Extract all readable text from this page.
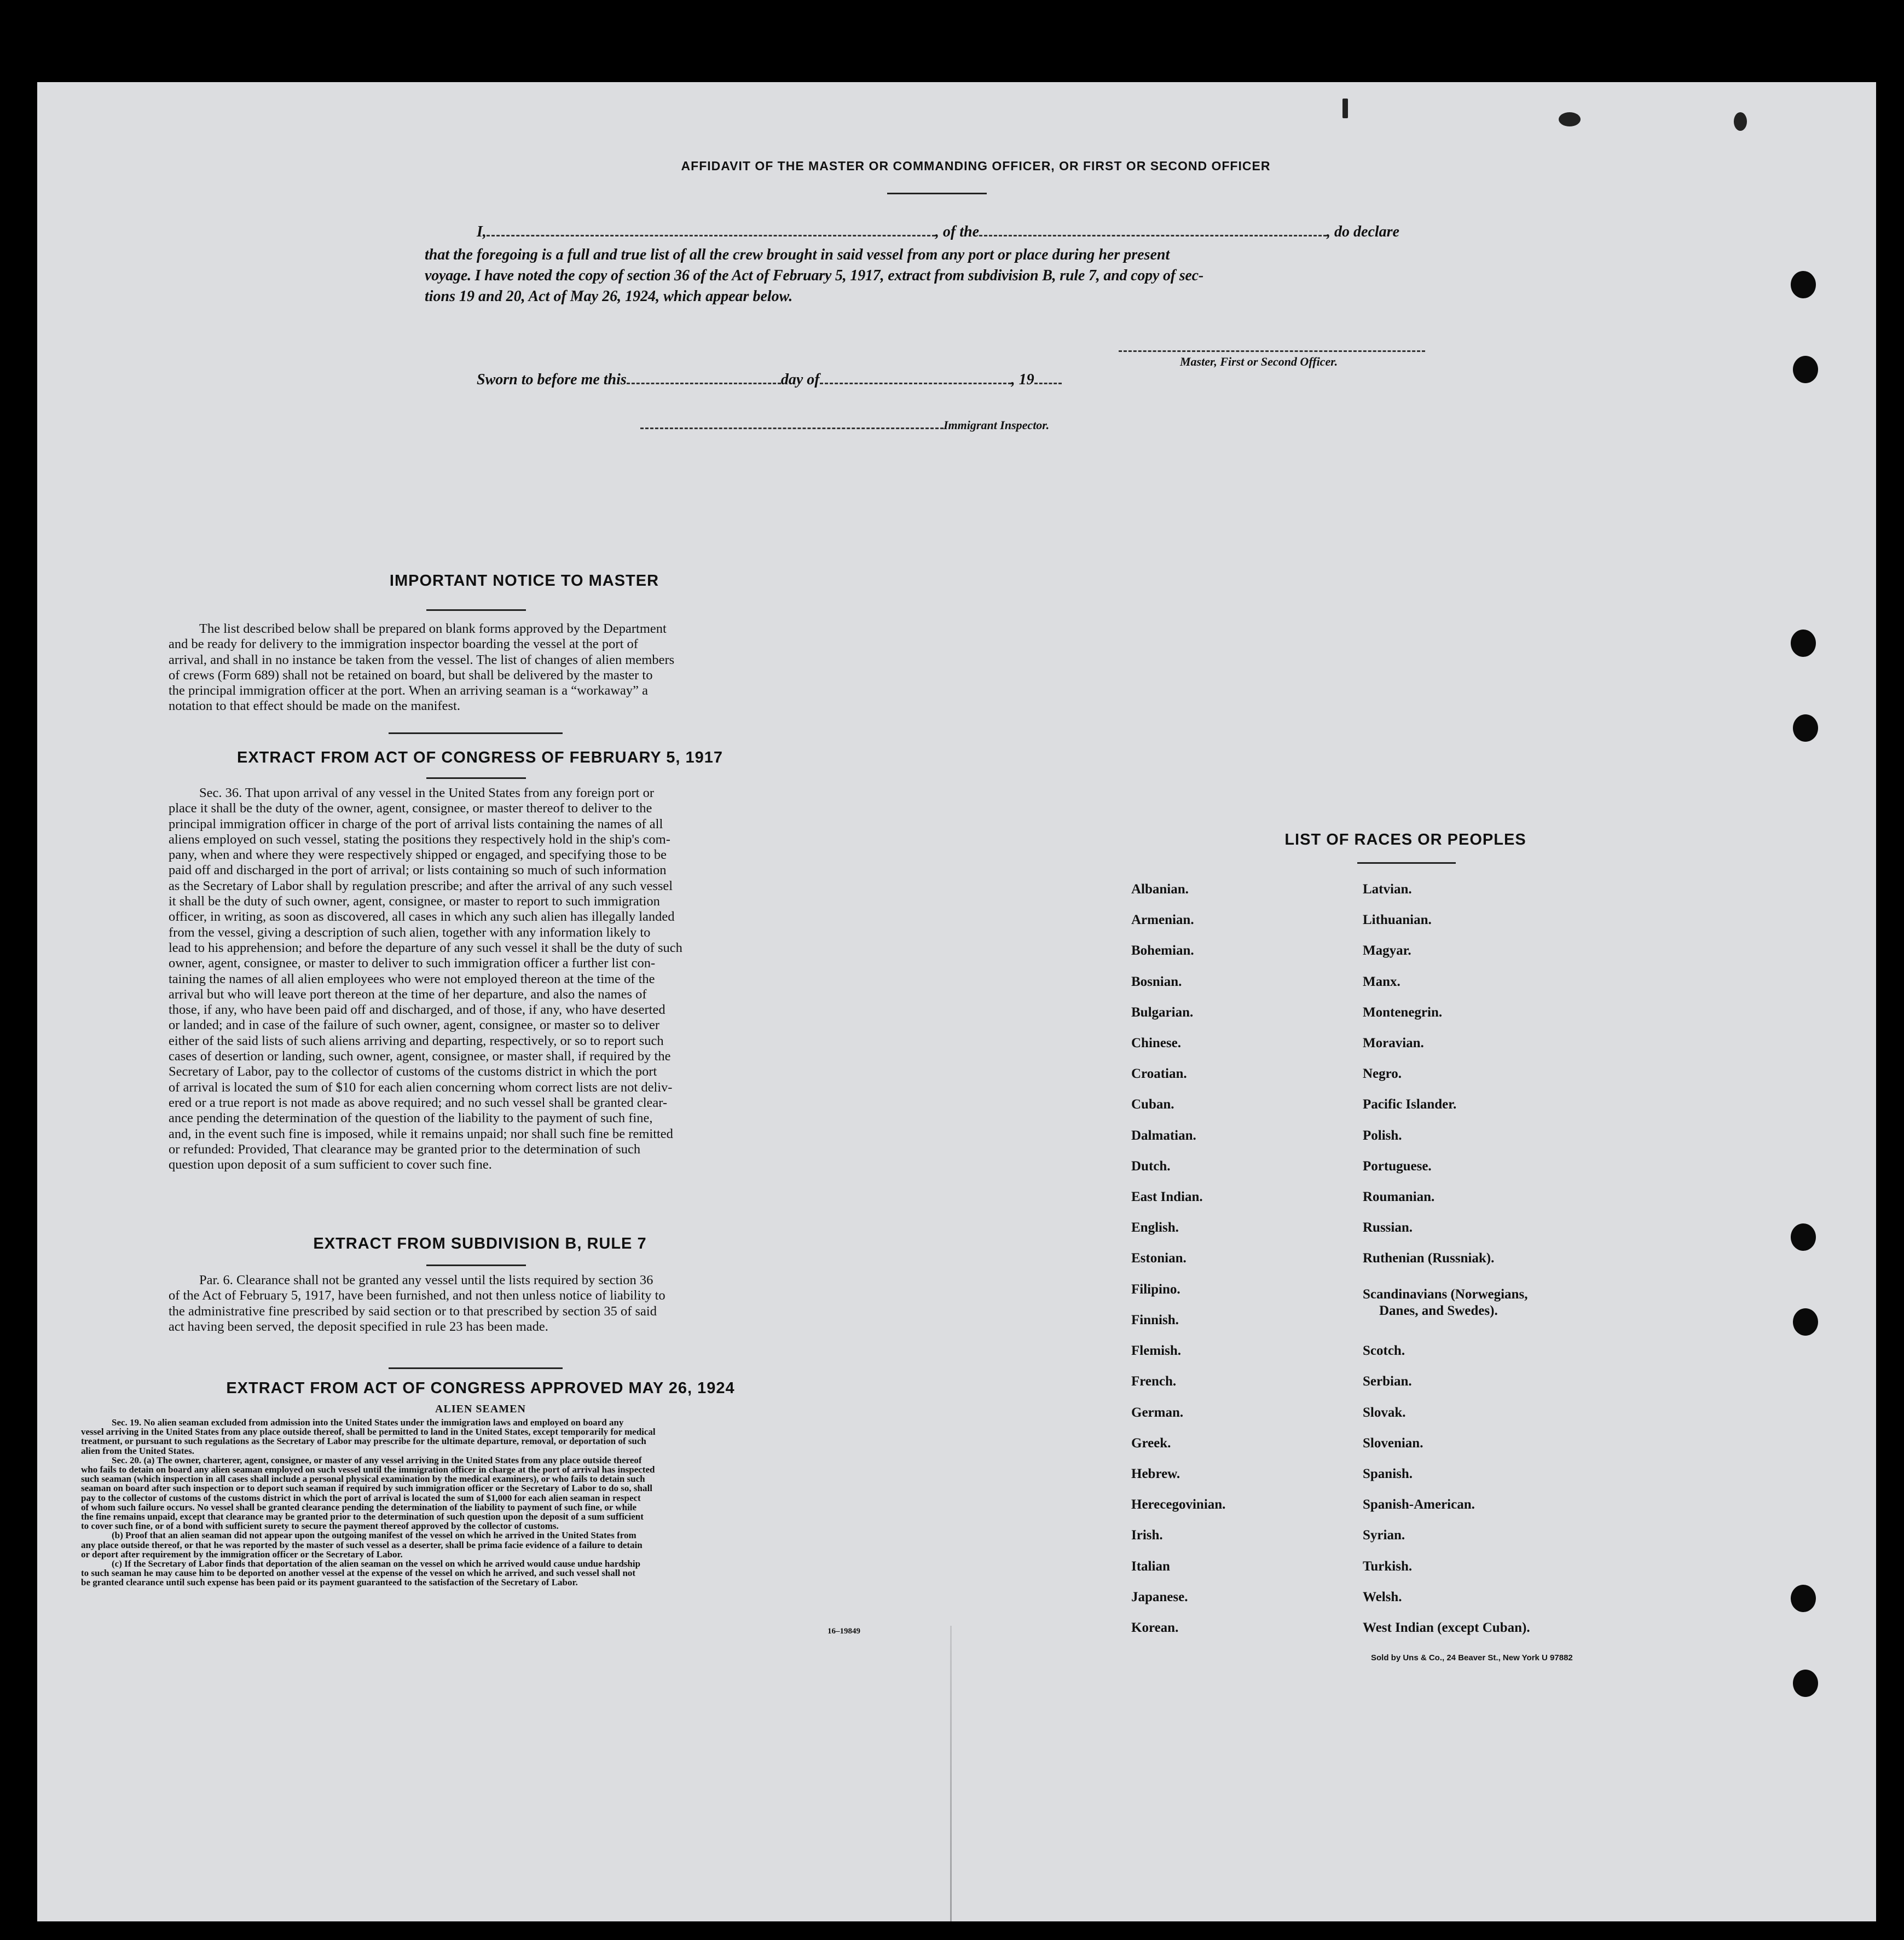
AFFIDAVIT OF THE MASTER OR COMMANDING OFFICER, OR FIRST OR SECOND OFFICER
I,	, of the	, do declare
that the foregoing is a full and true list of all the crew brought in said vessel from any port or place during her present
voyage. I have noted the copy of section 36 of the Act of February 5, 1917, extract from subdivision B, rule 7, and copy of sec-
tions 19 and 20, Act of May 26, 1924, which appear below.
Master, First or Second Officer.
Sworn to before me this	day of	, 19
Immigrant Inspector.
IMPORTANT NOTICE TO MASTER
The list described below shall be prepared on blank forms approved by the Department
and be ready for delivery to the immigration inspector boarding the vessel at the port of
arrival, and shall in no instance be taken from the vessel. The list of changes of alien members
of crews (Form 689) shall not be retained on board, but shall be delivered by the master to
the principal immigration officer at the port. When an arriving seaman is a “workaway” a
notation to that effect should be made on the manifest.
EXTRACT FROM ACT OF CONGRESS OF FEBRUARY 5, 1917
Sec. 36. That upon arrival of any vessel in the United States from any foreign port or
place it shall be the duty of the owner, agent, consignee, or master thereof to deliver to the
principal immigration officer in charge of the port of arrival lists containing the names of all
aliens employed on such vessel, stating the positions they respectively hold in the ship's com-
pany, when and where they were respectively shipped or engaged, and specifying those to be
paid off and discharged in the port of arrival; or lists containing so much of such information
as the Secretary of Labor shall by regulation prescribe; and after the arrival of any such vessel
it shall be the duty of such owner, agent, consignee, or master to report to such immigration
officer, in writing, as soon as discovered, all cases in which any such alien has illegally landed
from the vessel, giving a description of such alien, together with any information likely to
lead to his apprehension; and before the departure of any such vessel it shall be the duty of such
owner, agent, consignee, or master to deliver to such immigration officer a further list con-
taining the names of all alien employees who were not employed thereon at the time of the
arrival but who will leave port thereon at the time of her departure, and also the names of
those, if any, who have been paid off and discharged, and of those, if any, who have deserted
or landed; and in case of the failure of such owner, agent, consignee, or master so to deliver
either of the said lists of such aliens arriving and departing, respectively, or so to report such
cases of desertion or landing, such owner, agent, consignee, or master shall, if required by the
Secretary of Labor, pay to the collector of customs of the customs district in which the port
of arrival is located the sum of $10 for each alien concerning whom correct lists are not deliv-
ered or a true report is not made as above required; and no such vessel shall be granted clear-
ance pending the determination of the question of the liability to the payment of such fine,
and, in the event such fine is imposed, while it remains unpaid; nor shall such fine be remitted
or refunded: Provided, That clearance may be granted prior to the determination of such
question upon deposit of a sum sufficient to cover such fine.
EXTRACT FROM SUBDIVISION B, RULE 7
Par. 6. Clearance shall not be granted any vessel until the lists required by section 36
of the Act of February 5, 1917, have been furnished, and not then unless notice of liability to
the administrative fine prescribed by said section or to that prescribed by section 35 of said
act having been served, the deposit specified in rule 23 has been made.
EXTRACT FROM ACT OF CONGRESS APPROVED MAY 26, 1924
ALIEN SEAMEN
Sec. 19. No alien seaman excluded from admission into the United States under the immigration laws and employed on board any
vessel arriving in the United States from any place outside thereof, shall be permitted to land in the United States, except temporarily for medical
treatment, or pursuant to such regulations as the Secretary of Labor may prescribe for the ultimate departure, removal, or deportation of such
alien from the United States.
Sec. 20. (a) The owner, charterer, agent, consignee, or master of any vessel arriving in the United States from any place outside thereof
who fails to detain on board any alien seaman employed on such vessel until the immigration officer in charge at the port of arrival has inspected
such seaman (which inspection in all cases shall include a personal physical examination by the medical examiners), or who fails to detain such
seaman on board after such inspection or to deport such seaman if required by such immigration officer or the Secretary of Labor to do so, shall
pay to the collector of customs of the customs district in which the port of arrival is located the sum of $1,000 for each alien seaman in respect
of whom such failure occurs. No vessel shall be granted clearance pending the determination of the liability to payment of such fine, or while
the fine remains unpaid, except that clearance may be granted prior to the determination of such question upon the deposit of a sum sufficient
to cover such fine, or of a bond with sufficient surety to secure the payment thereof approved by the collector of customs.
(b) Proof that an alien seaman did not appear upon the outgoing manifest of the vessel on which he arrived in the United States from
any place outside thereof, or that he was reported by the master of such vessel as a deserter, shall be prima facie evidence of a failure to detain
or deport after requirement by the immigration officer or the Secretary of Labor.
(c) If the Secretary of Labor finds that deportation of the alien seaman on the vessel on which he arrived would cause undue hardship
to such seaman he may cause him to be deported on another vessel at the expense of the vessel on which he arrived, and such vessel shall not
be granted clearance until such expense has been paid or its payment guaranteed to the satisfaction of the Secretary of Labor.
16–19849
LIST OF RACES OR PEOPLES
Albanian.
Armenian.
Bohemian.
Bosnian.
Bulgarian.
Chinese.
Croatian.
Cuban.
Dalmatian.
Dutch.
East Indian.
English.
Estonian.
Filipino.
Finnish.
Flemish.
French.
German.
Greek.
Hebrew.
Herecegovinian.
Irish.
Italian
Japanese.
Korean.
Latvian.
Lithuanian.
Magyar.
Manx.
Montenegrin.
Moravian.
Negro.
Pacific Islander.
Polish.
Portuguese.
Roumanian.
Russian.
Ruthenian (Russniak).
Scandinavians (Norwegians,
Danes, and Swedes).
Scotch.
Serbian.
Slovak.
Slovenian.
Spanish.
Spanish-American.
Syrian.
Turkish.
Welsh.
West Indian (except Cuban).
Sold by Uns & Co., 24 Beaver St., New York U 97882
